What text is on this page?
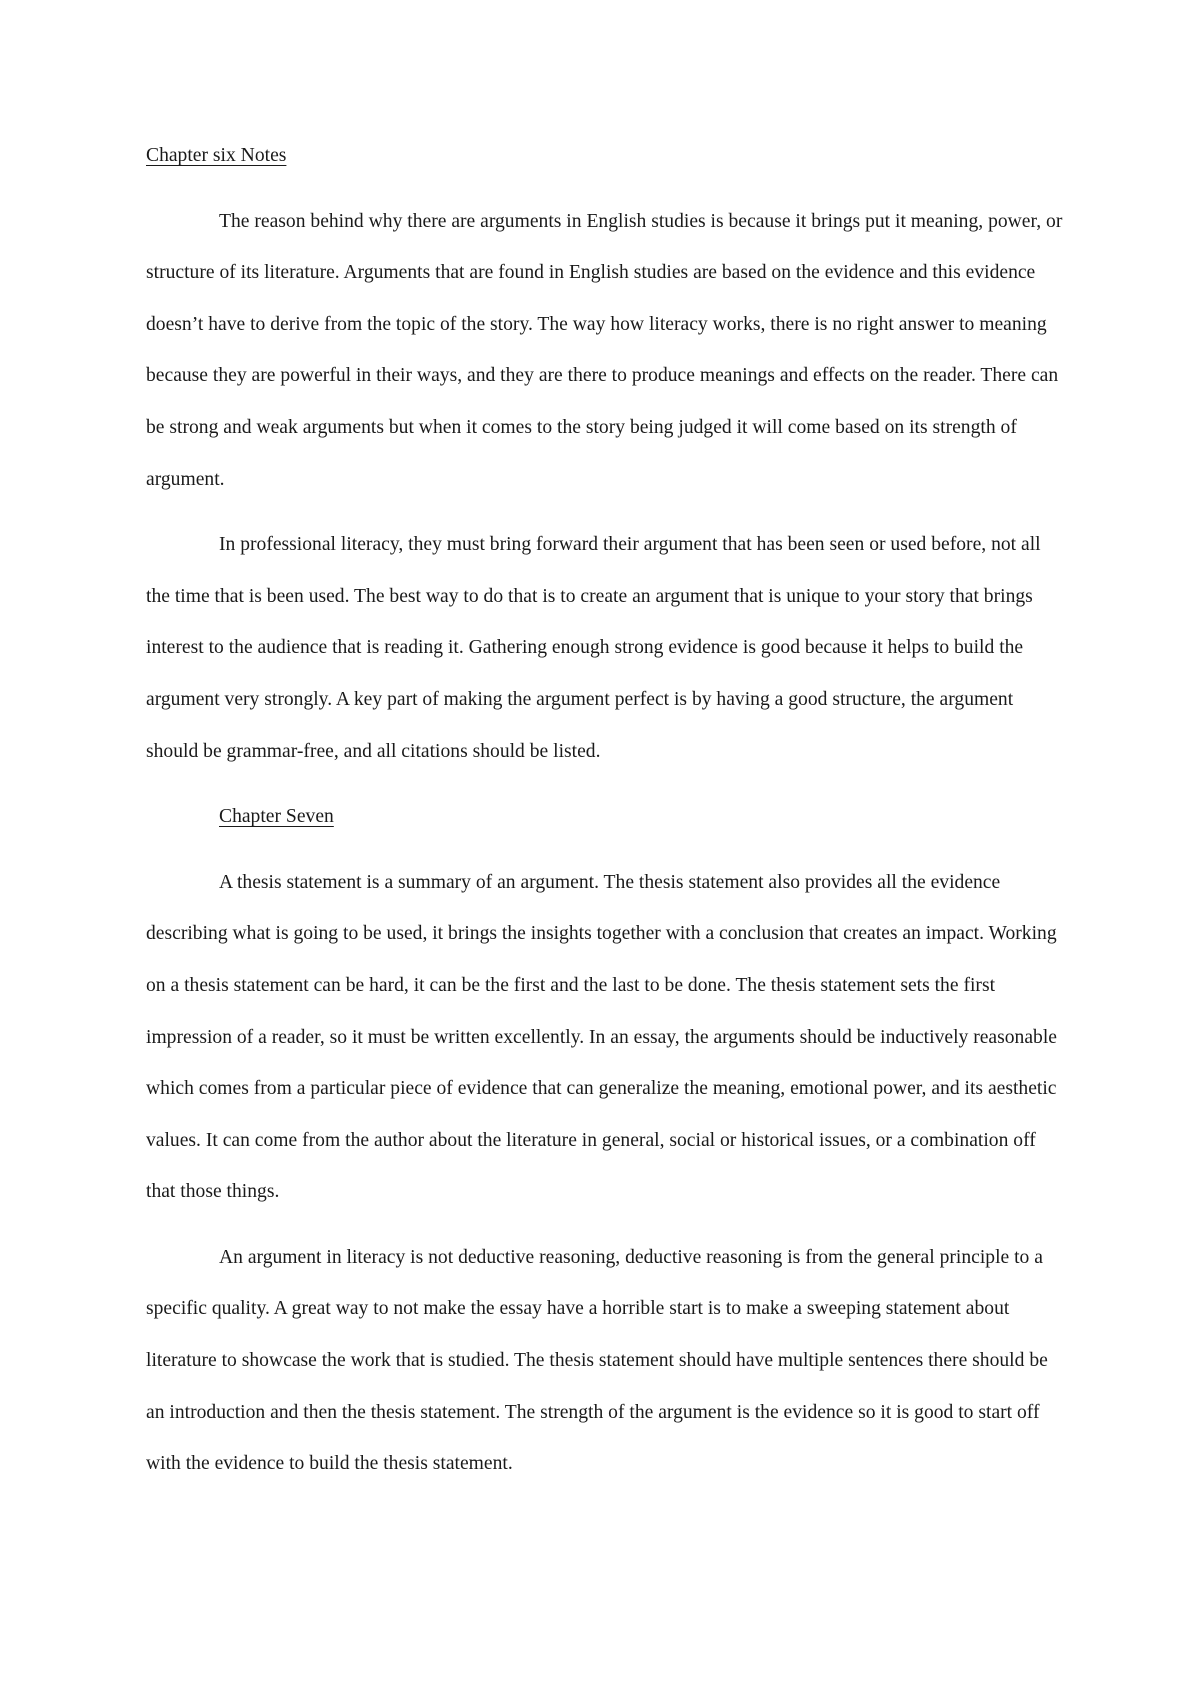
Chapter six Notes

The reason behind why there are arguments in English studies is because it brings put it meaning, power, or structure of its literature. Arguments that are found in English studies are based on the evidence and this evidence doesn’t have to derive from the topic of the story. The way how literacy works, there is no right answer to meaning because they are powerful in their ways, and they are there to produce meanings and effects on the reader. There can be strong and weak arguments but when it comes to the story being judged it will come based on its strength of argument.

In professional literacy, they must bring forward their argument that has been seen or used before, not all the time that is been used. The best way to do that is to create an argument that is unique to your story that brings interest to the audience that is reading it. Gathering enough strong evidence is good because it helps to build the argument very strongly. A key part of making the argument perfect is by having a good structure, the argument should be grammar-free, and all citations should be listed.

Chapter Seven

A thesis statement is a summary of an argument. The thesis statement also provides all the evidence describing what is going to be used, it brings the insights together with a conclusion that creates an impact. Working on a thesis statement can be hard, it can be the first and the last to be done. The thesis statement sets the first impression of a reader, so it must be written excellently. In an essay, the arguments should be inductively reasonable which comes from a particular piece of evidence that can generalize the meaning, emotional power, and its aesthetic values. It can come from the author about the literature in general, social or historical issues, or a combination off that those things.

An argument in literacy is not deductive reasoning, deductive reasoning is from the general principle to a specific quality. A great way to not make the essay have a horrible start is to make a sweeping statement about literature to showcase the work that is studied. The thesis statement should have multiple sentences there should be an introduction and then the thesis statement. The strength of the argument is the evidence so it is good to start off with the evidence to build the thesis statement.
